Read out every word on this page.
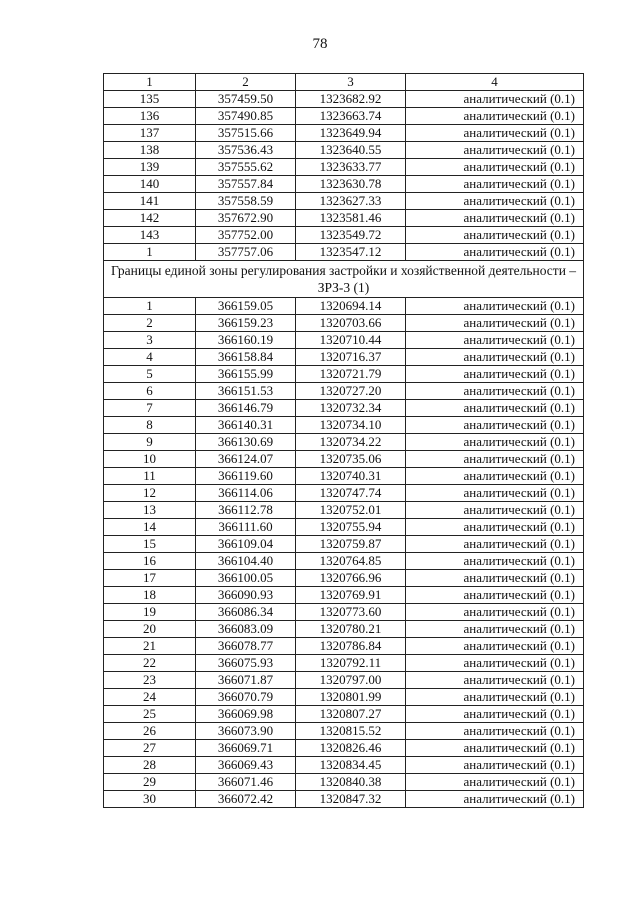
78
1	2	3	4
135	357459.50	1323682.92	аналитический (0.1)
136	357490.85	1323663.74	аналитический (0.1)
137	357515.66	1323649.94	аналитический (0.1)
138	357536.43	1323640.55	аналитический (0.1)
139	357555.62	1323633.77	аналитический (0.1)
140	357557.84	1323630.78	аналитический (0.1)
141	357558.59	1323627.33	аналитический (0.1)
142	357672.90	1323581.46	аналитический (0.1)
143	357752.00	1323549.72	аналитический (0.1)
1	357757.06	1323547.12	аналитический (0.1)
Границы единой зоны регулирования застройки и хозяйственной деятельности – ЗРЗ-3 (1)			
1	366159.05	1320694.14	аналитический (0.1)
2	366159.23	1320703.66	аналитический (0.1)
3	366160.19	1320710.44	аналитический (0.1)
4	366158.84	1320716.37	аналитический (0.1)
5	366155.99	1320721.79	аналитический (0.1)
6	366151.53	1320727.20	аналитический (0.1)
7	366146.79	1320732.34	аналитический (0.1)
8	366140.31	1320734.10	аналитический (0.1)
9	366130.69	1320734.22	аналитический (0.1)
10	366124.07	1320735.06	аналитический (0.1)
11	366119.60	1320740.31	аналитический (0.1)
12	366114.06	1320747.74	аналитический (0.1)
13	366112.78	1320752.01	аналитический (0.1)
14	366111.60	1320755.94	аналитический (0.1)
15	366109.04	1320759.87	аналитический (0.1)
16	366104.40	1320764.85	аналитический (0.1)
17	366100.05	1320766.96	аналитический (0.1)
18	366090.93	1320769.91	аналитический (0.1)
19	366086.34	1320773.60	аналитический (0.1)
20	366083.09	1320780.21	аналитический (0.1)
21	366078.77	1320786.84	аналитический (0.1)
22	366075.93	1320792.11	аналитический (0.1)
23	366071.87	1320797.00	аналитический (0.1)
24	366070.79	1320801.99	аналитический (0.1)
25	366069.98	1320807.27	аналитический (0.1)
26	366073.90	1320815.52	аналитический (0.1)
27	366069.71	1320826.46	аналитический (0.1)
28	366069.43	1320834.45	аналитический (0.1)
29	366071.46	1320840.38	аналитический (0.1)
30	366072.42	1320847.32	аналитический (0.1)
